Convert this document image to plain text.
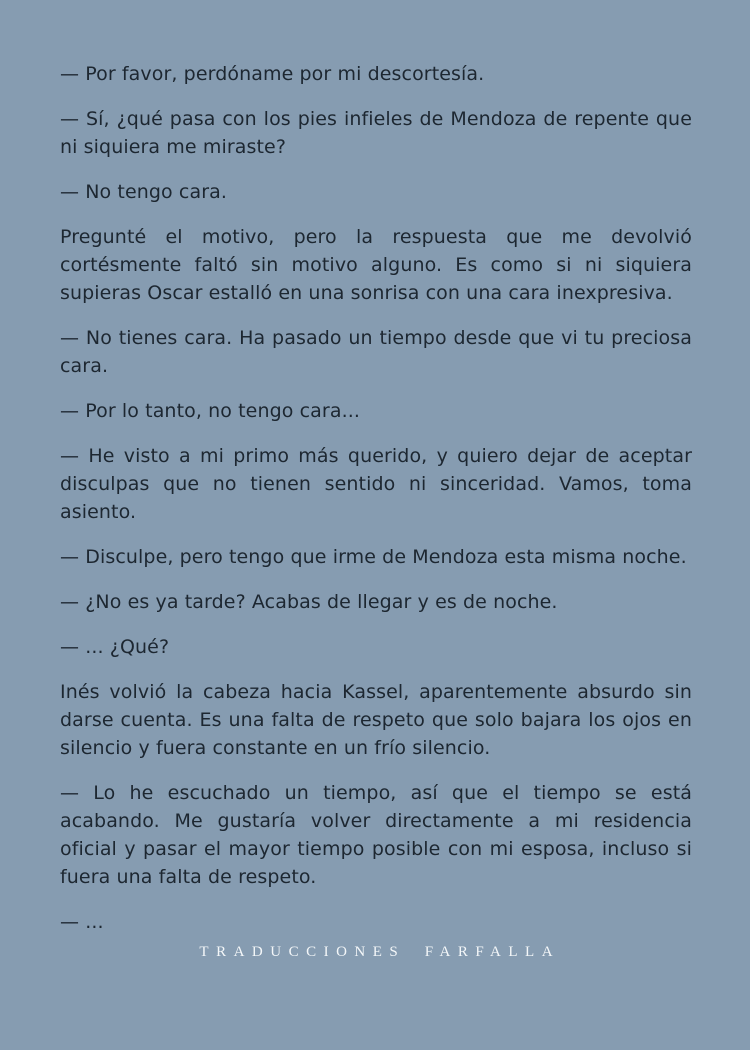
— Por favor, perdóname por mi descortesía.

— Sí, ¿qué pasa con los pies infieles de Mendoza de repente que ni siquiera me miraste?

— No tengo cara.

Pregunté el motivo, pero la respuesta que me devolvió cortésmente faltó sin motivo alguno. Es como si ni siquiera supieras Oscar estalló en una sonrisa con una cara inexpresiva.

— No tienes cara. Ha pasado un tiempo desde que vi tu preciosa cara.

— Por lo tanto, no tengo cara...

— He visto a mi primo más querido, y quiero dejar de aceptar disculpas que no tienen sentido ni sinceridad. Vamos, toma asiento.

— Disculpe, pero tengo que irme de Mendoza esta misma noche.

— ¿No es ya tarde? Acabas de llegar y es de noche.

— ... ¿Qué?

Inés volvió la cabeza hacia Kassel, aparentemente absurdo sin darse cuenta. Es una falta de respeto que solo bajara los ojos en silencio y fuera constante en un frío silencio.

— Lo he escuchado un tiempo, así que el tiempo se está acabando. Me gustaría volver directamente a mi residencia oficial y pasar el mayor tiempo posible con mi esposa, incluso si fuera una falta de respeto.

— ...

TRADUCCIONES FARFALLA
